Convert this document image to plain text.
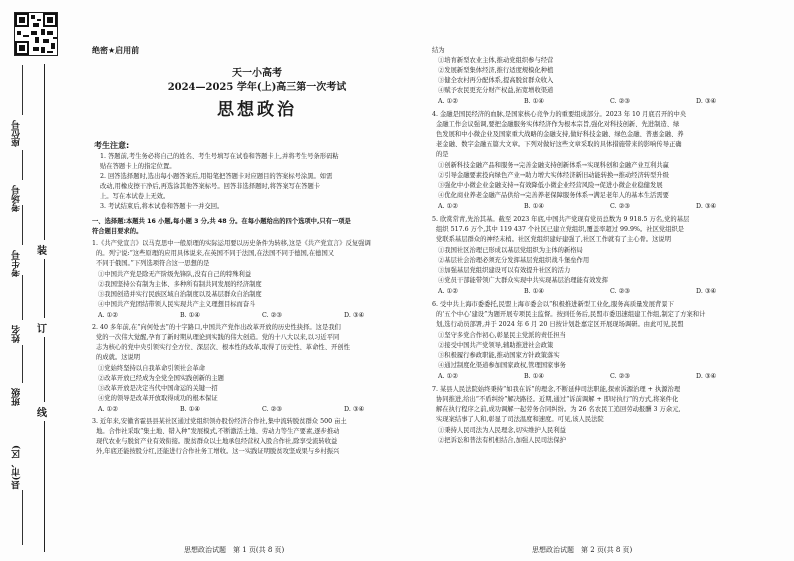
装
订
线
座位号
考场号
考生号
姓名
班级
县(市、区)
绝密★启用前
天一小高考
2024—2025 学年(上)高三第一次考试
思想政治
考生注意:
1. 答题前,考生务必将自己的姓名、考生号填写在试卷和答题卡上,并将考生号条形码粘
贴在答题卡上的指定位置。
2. 回答选择题时,选出每小题答案后,用铅笔把答题卡对应题目的答案标号涂黑。如需
改动,用橡皮擦干净后,再选涂其他答案标号。回答非选择题时,将答案写在答题卡
上。写在本试卷上无效。
3. 考试结束后,将本试卷和答题卡一并交回。
一、选择题:本题共 16 小题,每小题 3 分,共 48 分。在每小题给出的四个选项中,只有一项是
符合题目要求的。
1.《共产党宣言》以马克思中一般原理的实际运用要以历史条件为转移,这是《共产党宣言》反复强调
的。列宁说:“这些原理的应用具体说来,在英国不同于法国,在法国不同于德国,在德国又
不同于俄国。”下列选项符合这一思想的是
①中国共产党是除无产阶级先锋队,没有自己的特殊利益
②我国坚持公有制为主体、多种所有制共同发展的经济制度
③我国创造并实行民族区域自治制度以及基层群众自治制度
④中国共产党团结带领人民实现共产主义理想目标而奋斗
A. ①②	B. ①④	C. ②③	D. ③④
2. 40 多年前,在“向何处去”的十字路口,中国共产党作出改革开放的历史性抉择。这是我们
党的一次伟大觉醒,孕育了新时期从理论到实践的伟大创造。党的十八大以来,以习近平同
志为核心的党中央引领实行全方位、深层次、根本性的改革,取得了历史性、革命性、开创性
的成就。这说明
①党始终坚持以自我革命引领社会革命
②改革开放已经成为全党全国实践创新的主题
③改革开放是决定当代中国命运的关键一招
④党的领导是改革开放取得成功的根本保证
A. ①②	B. ①④	C. ②③	D. ③④
3. 近年来,安徽省霍县县某社区通过党组织领办股份经济合作社,集中流转脱贫群众 500 亩土
地。合作社采取“集土地、错入种”发展模式,不断激活土地、劳动力等生产要素,逐步推动
现代农业与脱贫产业有效衔接。脱贫群众以土地承包经营权入股合作社,除享受流转收益
外,年底还能按股分红,还能进行合作社务工增收。这一实践证明脱贫攻坚成果与乡村振兴
思想政治试题　第 1 页(共 8 页)
结为
①培育新型农业主体,推动党组织参与经营
②发展新型集体经济,推行适度规模化种植
③健全农村再分配体系,提高脱贫群众收入
④赋予农民更充分财产权益,拓宽增收渠道
A. ①②	B. ①④	C. ②③	D. ③④
4. 金融是国民经济的血脉,是国家核心竞争力的重要组成部分。2023 年 10 月底召开的中央
金融工作会议强调,要把金融服务实体经济作为根本宗旨,强化对科技创新、先进制造、绿
色发展和中小微企业及国家重大战略的金融支持,做好科技金融、绿色金融、普惠金融、养
老金融、数字金融五篇大文章。下列对做好这些文章采取的具体措施带来的影响传导正确
的是
①创新科技金融产品和服务→完善金融支持创新体系→实现科创和金融产业互利共赢
②引导金融要素投向绿色产业→助力增大实体经济新旧动能转换→推动经济转型升级
③强化中小微企业金融支持→有效降低小微企业经营风险→促进小微企业稳健发展
④优化商业养老金融产品供给→完善养老保障服务体系→满足老年人的基本生活需要
A. ①②	B. ①④	C. ②③	D. ③④
5. 欣赏常青,先治其基。截至 2023 年底,中国共产党现有党员总数为 9 918.5 万名,党的基层
组织 517.6 万个,其中 119 437 个社区已建立党组织,覆盖率超过 99.9%。社区党组织是
党联系基层群众的神经末梢。社区党组织建好建强了,社区工作就有了主心骨。这说明
①我国社区治理已形成以基层党组织为主体的新格局
②基层社会治理必须充分发挥基层党组织战斗堡垒作用
③加强基层党组织建设可以有效提升社区的活力
④党员干部能带领广大群众实现中共实现基层治理能有效发挥
A. ①②	B. ①④	C. ②③	D. ③④
6. 受中共上海市委委托,民盟上海市委会以“积极推进新型工业化,服务高质量发展背景下
的‘五个中心’建设”为题开展专项民主监督。按到任务后,民盟市委迅速组建工作组,制定了方案和计
划,选行动员部署,并于 2024 年 6 月 20 日按计划赴嘉定区开展现场调研。由此可见,民盟
①坚守多党合作初心,彰显民主党派的责任担当
②接受中国共产党领导,辅助推进社会政策
③积极履行参政职能,推动国家方针政策落实
④通过制度化渠道参加国家政权,管理国家事务
A. ①②	B. ①④	C. ②③	D. ③④
7. 某县人民法院始终秉持“如我在诉”的理念,不断延伸司法职能,探索诉源治理 + 执源治理
协同推进,给出“不盾纠纷”解决路径。近期,通过“诉前调解 + 即时执行”的方式,将案件化
解在执行程序之前,成功调解一起劳务合同纠纷。为 26 名农民工追回劳动报酬 3 万余元,
实现案结事了人和,彰显了司法温度和速度。可见,该人民法院
①秉持人民司法为人民理念,切实维护人民利益
②把诉讼和普法有机相结合,加强人民司法保护
思想政治试题　第 2 页(共 8 页)
